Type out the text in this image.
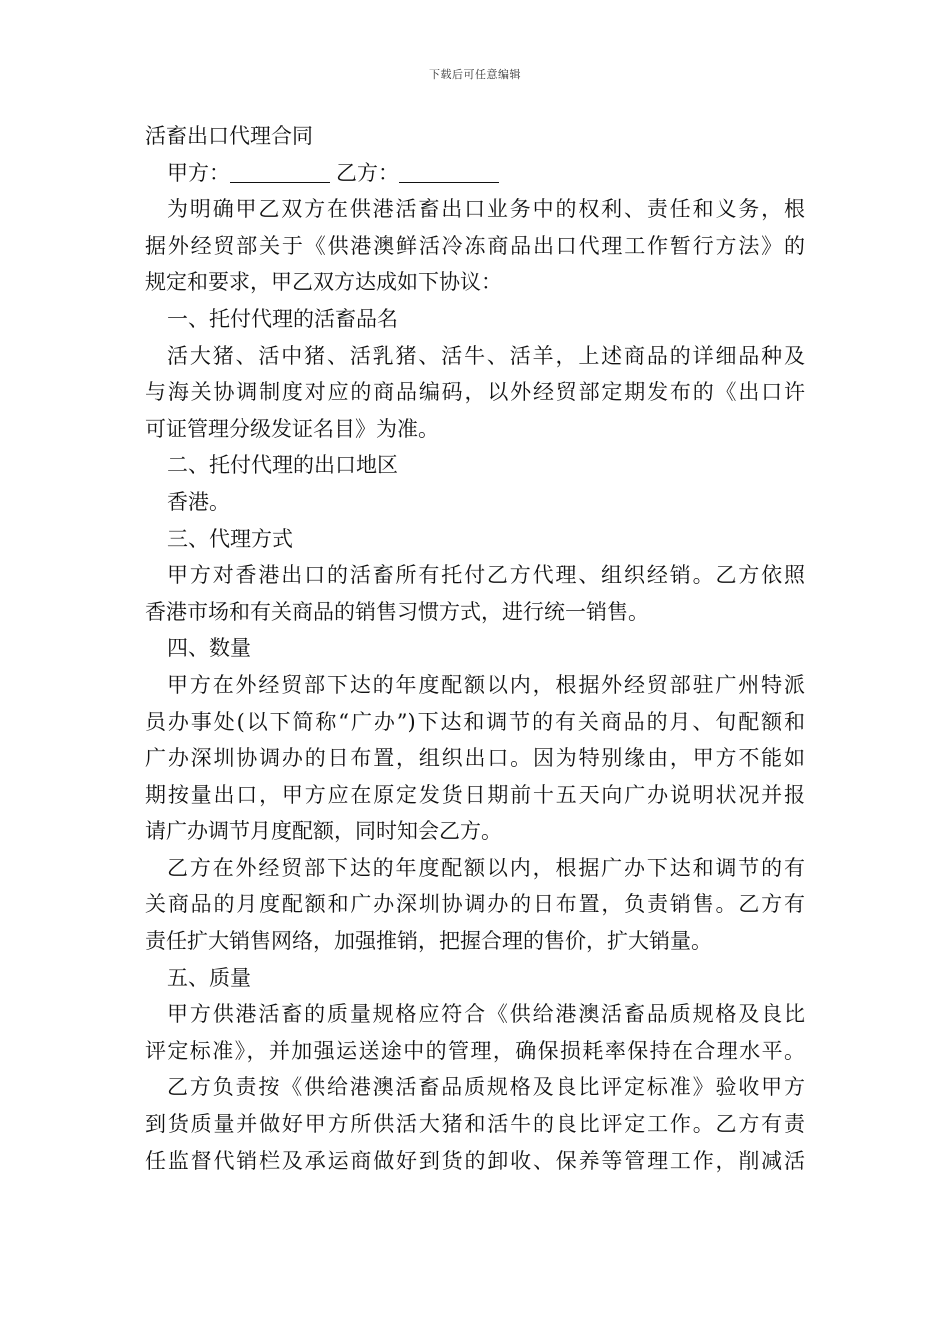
下载后可任意编辑
活畜出口代理合同
甲方：	乙方：
为明确甲乙双方在供港活畜出口业务中的权利、责任和义务，根
据外经贸部关于《供港澳鲜活冷冻商品出口代理工作暂行方法》的
规定和要求，甲乙双方达成如下协议：
一、托付代理的活畜品名
活大猪、活中猪、活乳猪、活牛、活羊，上述商品的详细品种及
与海关协调制度对应的商品编码，以外经贸部定期发布的《出口许
可证管理分级发证名目》为准。
二、托付代理的出口地区
香港。
三、代理方式
甲方对香港出口的活畜所有托付乙方代理、组织经销。乙方依照
香港市场和有关商品的销售习惯方式，进行统一销售。
四、数量
甲方在外经贸部下达的年度配额以内，根据外经贸部驻广州特派
员办事处(以下简称“广办”)下达和调节的有关商品的月、旬配额和
广办深圳协调办的日布置，组织出口。因为特别缘由，甲方不能如
期按量出口，甲方应在原定发货日期前十五天向广办说明状况并报
请广办调节月度配额，同时知会乙方。
乙方在外经贸部下达的年度配额以内，根据广办下达和调节的有
关商品的月度配额和广办深圳协调办的日布置，负责销售。乙方有
责任扩大销售网络，加强推销，把握合理的售价，扩大销量。
五、质量
甲方供港活畜的质量规格应符合《供给港澳活畜品质规格及良比
评定标准》，并加强运送途中的管理，确保损耗率保持在合理水平。
乙方负责按《供给港澳活畜品质规格及良比评定标准》验收甲方
到货质量并做好甲方所供活大猪和活牛的良比评定工作。乙方有责
任监督代销栏及承运商做好到货的卸收、保养等管理工作，削减活
